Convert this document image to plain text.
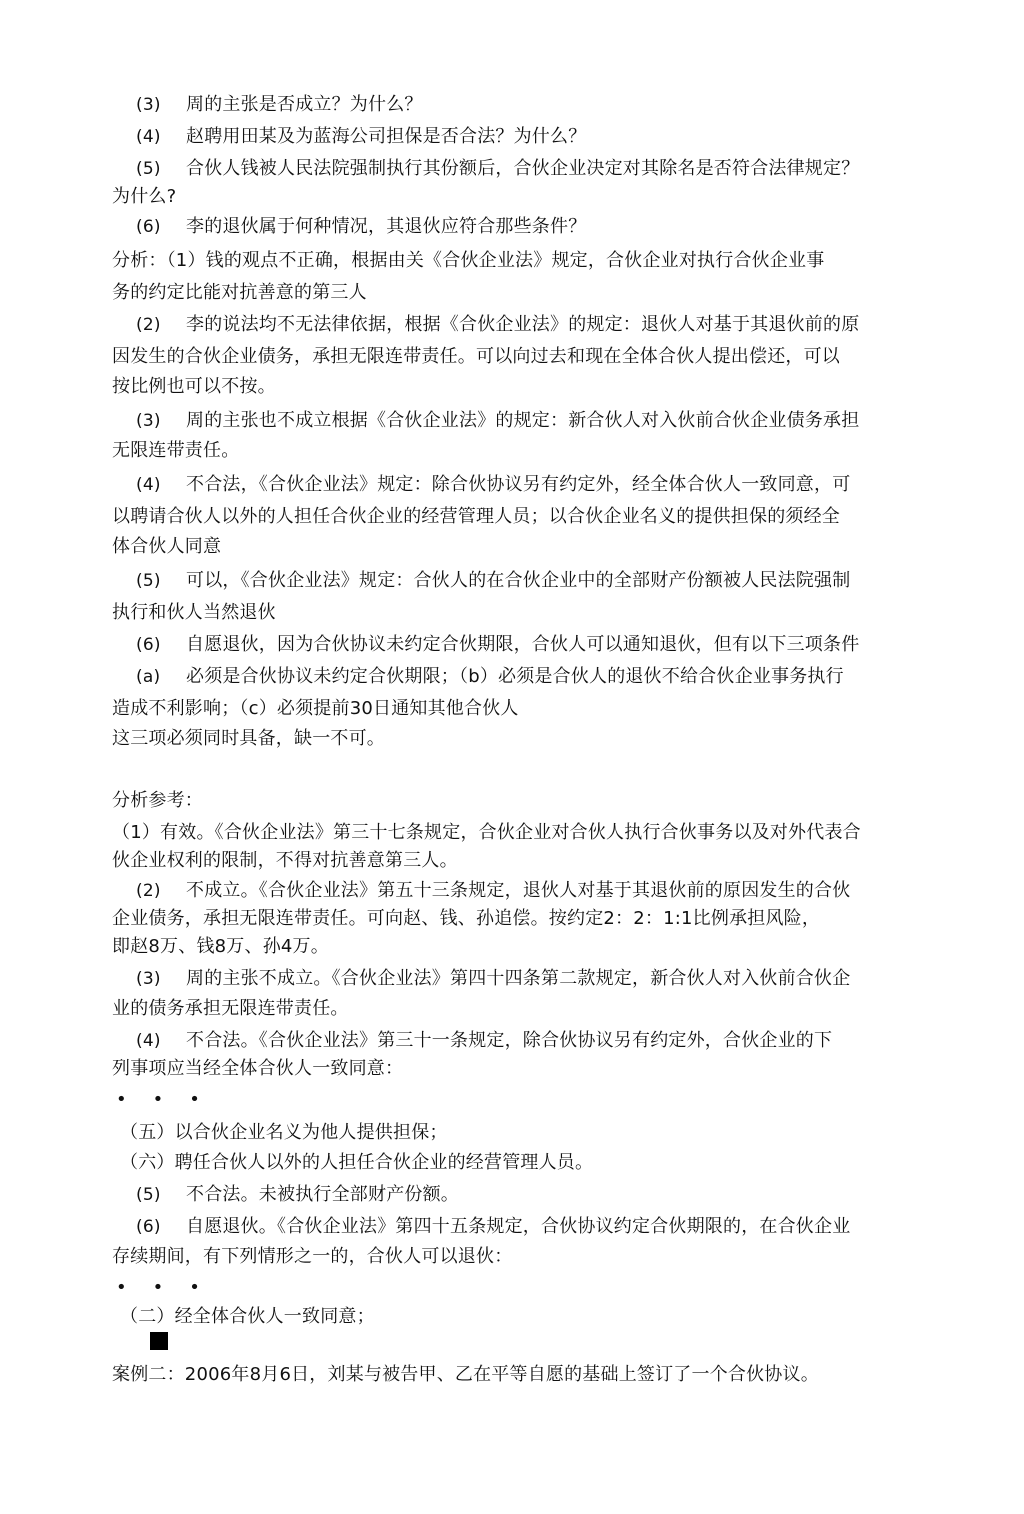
(3) 周的主张是否成立？为什么？
(4) 赵聘用田某及为蓝海公司担保是否合法？为什么？
(5) 合伙人钱被人民法院强制执行其份额后，合伙企业决定对其除名是否符合法律规定？
为什么?
(6) 李的退伙属于何种情况，其退伙应符合那些条件？
分析：（1）钱的观点不正确，根据由关《合伙企业法》规定，合伙企业对执行合伙企业事
务的约定比能对抗善意的第三人
(2) 李的说法均不无法律依据，根据《合伙企业法》的规定：退伙人对基于其退伙前的原
因发生的合伙企业债务，承担无限连带责任。可以向过去和现在全体合伙人提出偿还，可以
按比例也可以不按。
(3) 周的主张也不成立根据《合伙企业法》的规定：新合伙人对入伙前合伙企业债务承担
无限连带责任。
(4) 不合法，《合伙企业法》规定：除合伙协议另有约定外，经全体合伙人一致同意，可
以聘请合伙人以外的人担任合伙企业的经营管理人员；以合伙企业名义的提供担保的须经全
体合伙人同意
(5) 可以，《合伙企业法》规定：合伙人的在合伙企业中的全部财产份额被人民法院强制
执行和伙人当然退伙
(6) 自愿退伙，因为合伙协议未约定合伙期限，合伙人可以通知退伙，但有以下三项条件
(a) 必须是合伙协议未约定合伙期限；（b）必须是合伙人的退伙不给合伙企业事务执行
造成不利影响；（c）必须提前30日通知其他合伙人
这三项必须同时具备，缺一不可。
分析参考：
（1）有效。《合伙企业法》第三十七条规定，合伙企业对合伙人执行合伙事务以及对外代表合
伙企业权利的限制，不得对抗善意第三人。
(2) 不成立。《合伙企业法》第五十三条规定，退伙人对基于其退伙前的原因发生的合伙
企业债务，承担无限连带责任。可向赵、钱、孙追偿。按约定2：2：1:1比例承担风险，
即赵8万、钱8万、孙4万。
(3) 周的主张不成立。《合伙企业法》第四十四条第二款规定，新合伙人对入伙前合伙企
业的债务承担无限连带责任。
(4) 不合法。《合伙企业法》第三十一条规定，除合伙协议另有约定外，合伙企业的下
列事项应当经全体合伙人一致同意：
•••
（五）以合伙企业名义为他人提供担保；
（六）聘任合伙人以外的人担任合伙企业的经营管理人员。
(5) 不合法。未被执行全部财产份额。
(6) 自愿退伙。《合伙企业法》第四十五条规定，合伙协议约定合伙期限的，在合伙企业
存续期间，有下列情形之一的，合伙人可以退伙：
•••
（二）经全体合伙人一致同意；
案例二：2006年8月6日，刘某与被告甲、乙在平等自愿的基础上签订了一个合伙协议。
